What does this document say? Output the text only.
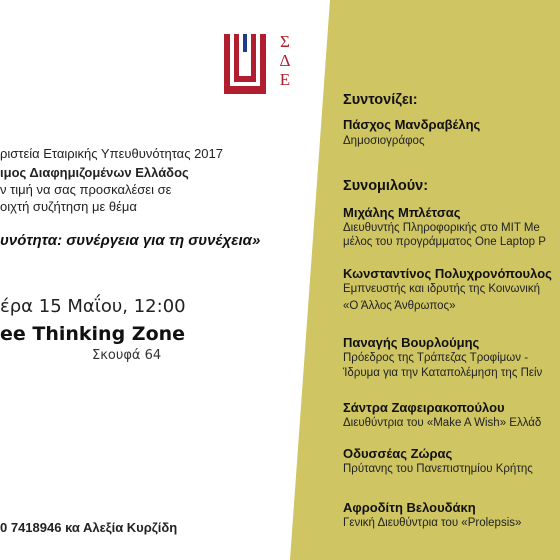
Σ
Δ
Ε
ριστεία Εταιρικής Υπευθυνότητας 2017
ιμος Διαφημιζομένων Ελλάδος
ν τιμή να σας προσκαλέσει σε
οιχτή συζήτηση με θέμα
υνότητα: συνέργεια για τη συνέχεια»
έρα 15 Μαΐου, 12:00
ee Thinking Zone
Σκουφά 64
0 7418946 κα Αλεξία Κυρζίδη
Συντονίζει:
Πάσχος Μανδραβέλης
Δημοσιογράφος
Συνομιλούν:
Μιχάλης Μπλέτσας
Διευθυντής Πληροφορικής στο MIT Me
μέλος του προγράμματος One Laptop P
Κωνσταντίνος Πολυχρονόπουλος
Εμπνευστής και ιδρυτής της Κοινωνική
«Ο Άλλος Άνθρωπος»
Παναγής Βουρλούμης
Πρόεδρος της Τράπεζας Τροφίμων -
Ίδρυμα για την Καταπολέμηση της Πείν
Σάντρα Ζαφειρακοπούλου
Διευθύντρια του «Make A Wish» Ελλάδ
Οδυσσέας Ζώρας
Πρύτανης του Πανεπιστημίου Κρήτης
Αφροδίτη Βελουδάκη
Γενική Διευθύντρια του «Prolepsis»
